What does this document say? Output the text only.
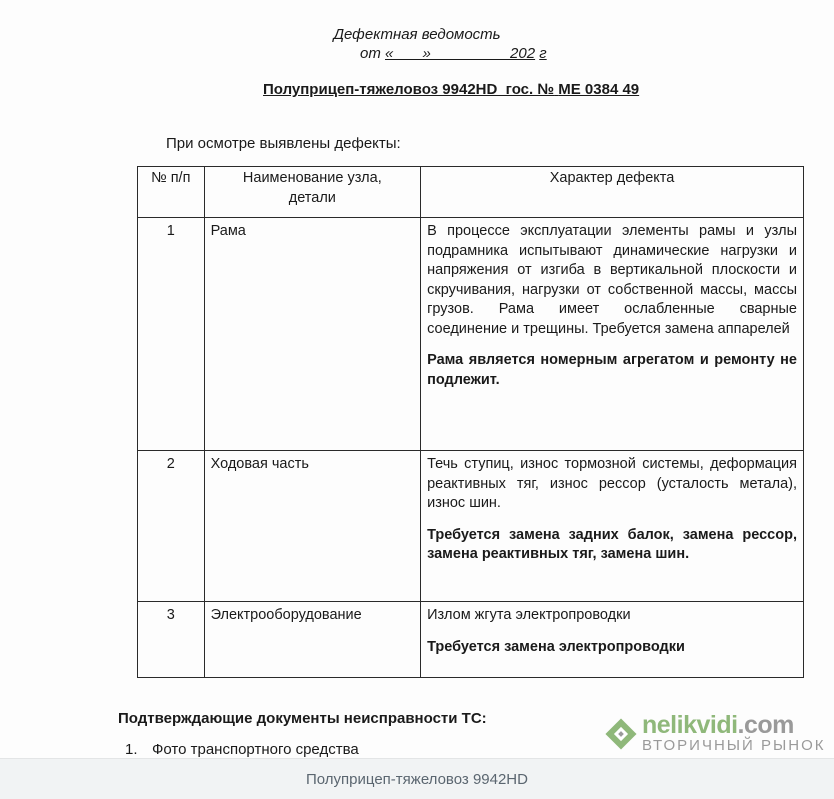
Дефектная ведомость
от «       »                   202 г
Полуприцеп-тяжеловоз 9942HD  гос. № МЕ 0384 49
При осмотре выявлены дефекты:
№ п/п	Наименование узла, детали	Характер дефекта

1	Рама	В процессе эксплуатации элементы рамы и узлы подрамника испытывают динамические нагрузки и напряжения от изгиба в вертикальной плоскости и скручивания, нагрузки от собственной массы, массы грузов. Рама имеет ослабленные сварные соединение и трещины. Требуется замена аппарелей
Рама является номерным агрегатом и ремонту не подлежит.

2	Ходовая часть	Течь ступиц, износ тормозной системы, деформация реактивных тяг, износ рессор (усталость метала), износ шин.
Требуется замена задних балок, замена рессор, замена реактивных тяг, замена шин.

3	Электрооборудование	Излом жгута электропроводки
Требуется замена электропроводки
Подтверждающие документы неисправности ТС:
1. Фото транспортного средства
nelikvidi.com
ВТОРИЧНЫЙ РЫНОК
Полуприцеп-тяжеловоз 9942HD
